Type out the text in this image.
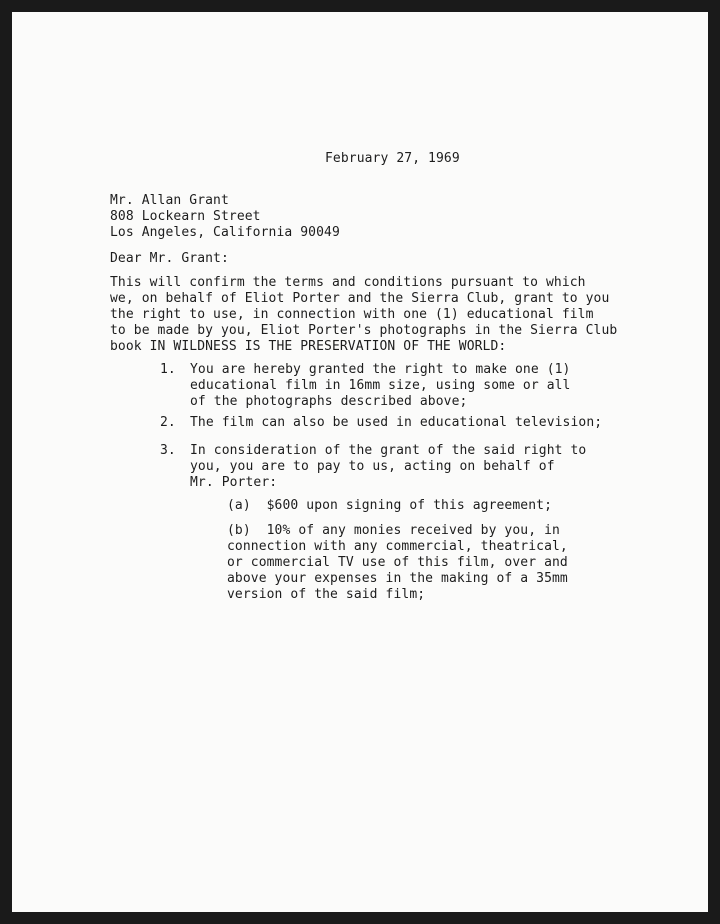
February 27, 1969
Mr. Allan Grant
808 Lockearn Street
Los Angeles, California 90049
Dear Mr. Grant:
This will confirm the terms and conditions pursuant to which
we, on behalf of Eliot Porter and the Sierra Club, grant to you
the right to use, in connection with one (1) educational film
to be made by you, Eliot Porter's photographs in the Sierra Club
book IN WILDNESS IS THE PRESERVATION OF THE WORLD:
1. You are hereby granted the right to make one (1)
educational film in 16mm size, using some or all
of the photographs described above;
2. The film can also be used in educational television;
3. In consideration of the grant of the said right to
you, you are to pay to us, acting on behalf of
Mr. Porter:
(a)  $600 upon signing of this agreement;
(b)  10% of any monies received by you, in
connection with any commercial, theatrical,
or commercial TV use of this film, over and
above your expenses in the making of a 35mm
version of the said film;
